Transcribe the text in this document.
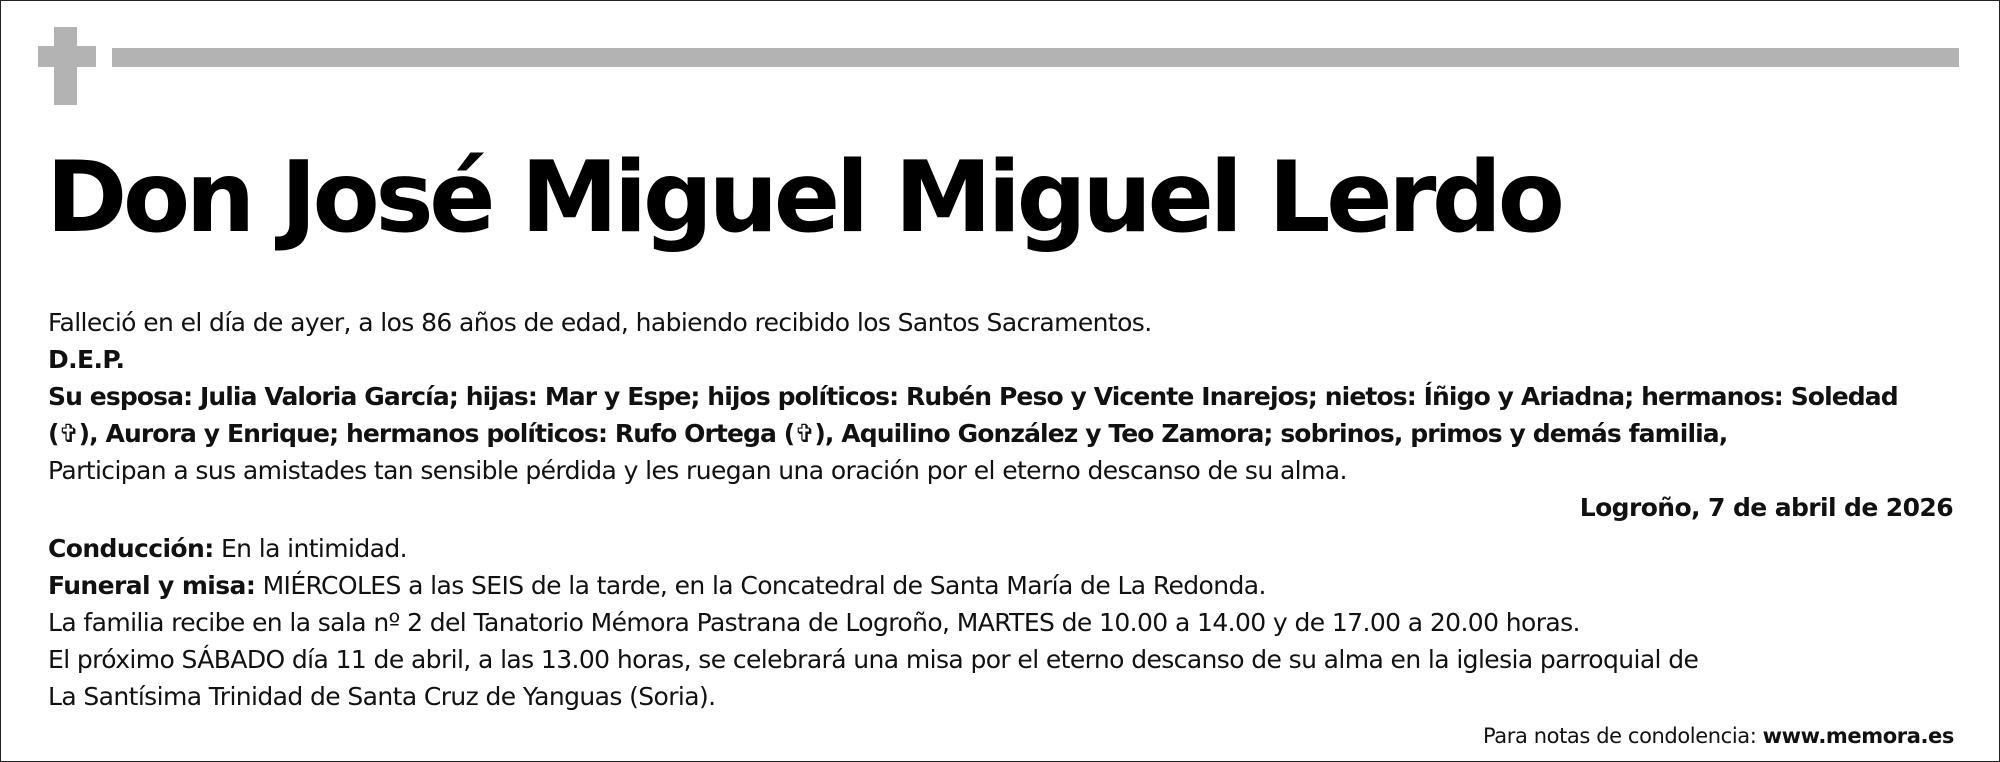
Don José Miguel Miguel Lerdo

Falleció en el día de ayer, a los 86 años de edad, habiendo recibido los Santos Sacramentos.

D.E.P.

Su esposa: Julia Valoria García; hijas: Mar y Espe; hijos políticos: Rubén Peso y Vicente Inarejos; nietos: Íñigo y Ariadna; hermanos: Soledad (✞), Aurora y Enrique; hermanos políticos: Rufo Ortega (✞), Aquilino González y Teo Zamora; sobrinos, primos y demás familia,

Participan a sus amistades tan sensible pérdida y les ruegan una oración por el eterno descanso de su alma.

Logroño, 7 de abril de 2026

Conducción: En la intimidad.

Funeral y misa: MIÉRCOLES a las SEIS de la tarde, en la Concatedral de Santa María de La Redonda.

La familia recibe en la sala nº 2 del Tanatorio Mémora Pastrana de Logroño, MARTES de 10.00 a 14.00 y de 17.00 a 20.00 horas.

El próximo SÁBADO día 11 de abril, a las 13.00 horas, se celebrará una misa por el eterno descanso de su alma en la iglesia parroquial de

La Santísima Trinidad de Santa Cruz de Yanguas (Soria).

Para notas de condolencia: www.memora.es
